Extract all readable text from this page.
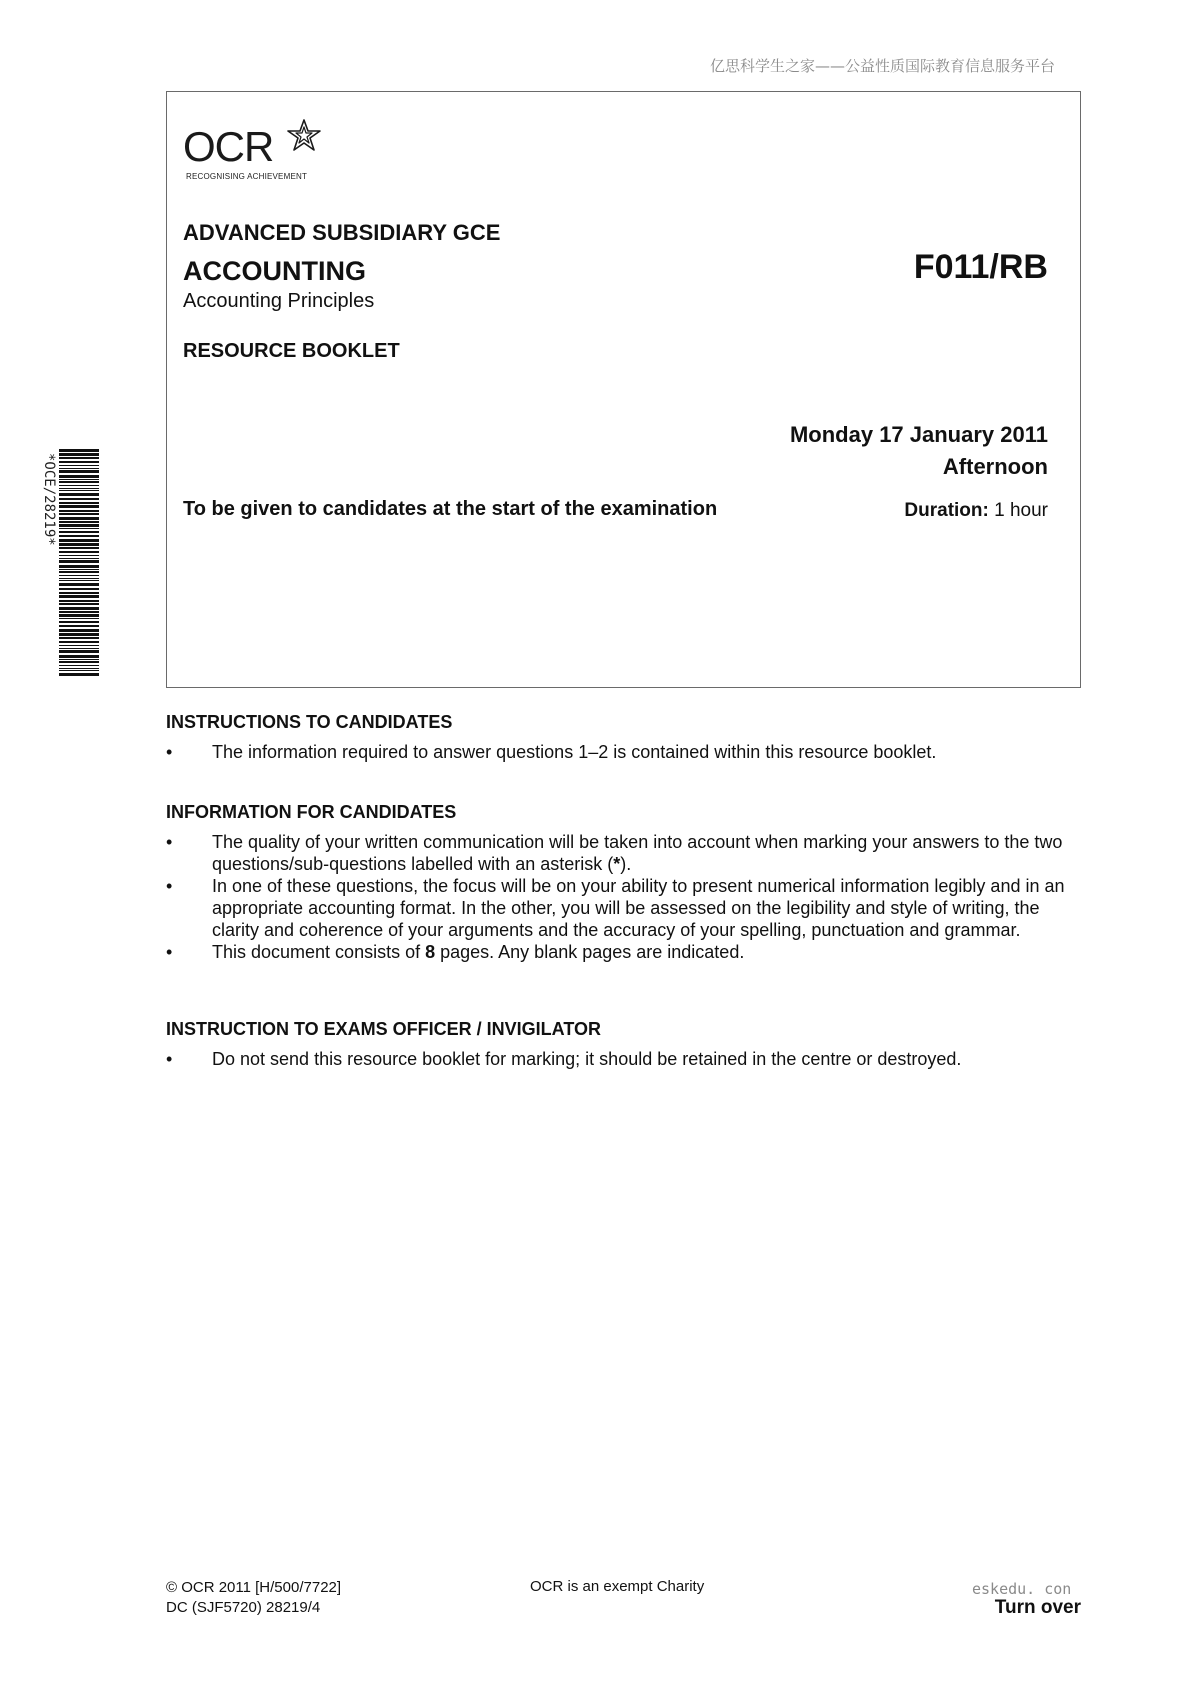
亿思科学生之家——公益性质国际教育信息服务平台
OCR
RECOGNISING ACHIEVEMENT
ADVANCED SUBSIDIARY GCE
ACCOUNTING	F011/RB
Accounting Principles
RESOURCE BOOKLET
Monday 17 January 2011
Afternoon
To be given to candidates at the start of the examination	Duration: 1 hour
*OCE/28219*
INSTRUCTIONS TO CANDIDATES
• The information required to answer questions 1–2 is contained within this resource booklet.
INFORMATION FOR CANDIDATES
• The quality of your written communication will be taken into account when marking your answers to the two questions/sub-questions labelled with an asterisk (*).
• In one of these questions, the focus will be on your ability to present numerical information legibly and in an appropriate accounting format. In the other, you will be assessed on the legibility and style of writing, the clarity and coherence of your arguments and the accuracy of your spelling, punctuation and grammar.
• This document consists of 8 pages. Any blank pages are indicated.
INSTRUCTION TO EXAMS OFFICER / INVIGILATOR
• Do not send this resource booklet for marking; it should be retained in the centre or destroyed.
© OCR 2011 [H/500/7722]
DC (SJF5720) 28219/4
OCR is an exempt Charity	eskedu. con
Turn over
